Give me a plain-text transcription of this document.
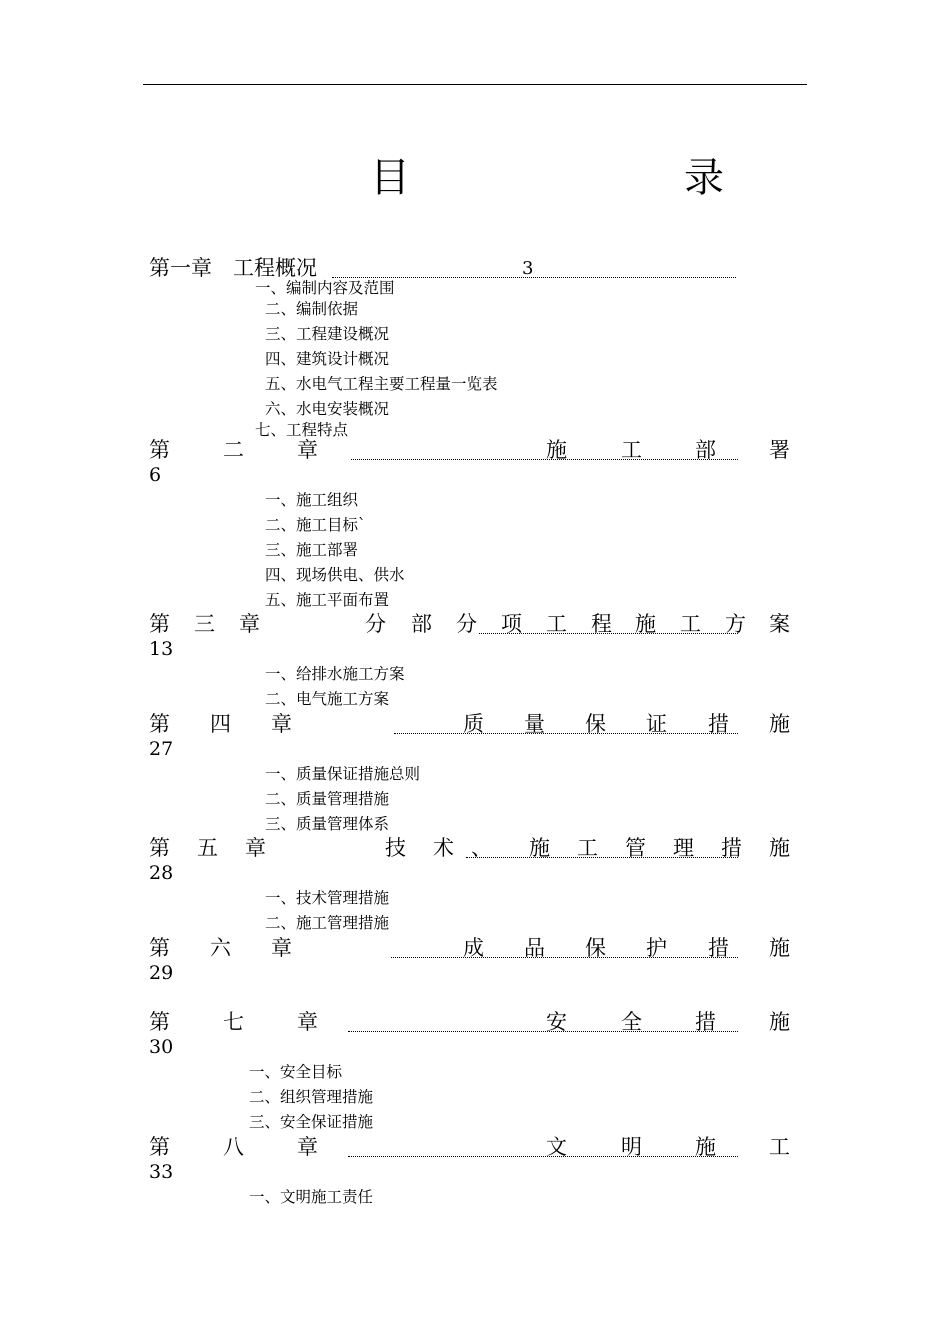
目	录
第一章 工程概况	3
一、编制内容及范围
二、编制依据
三、工程建设概况
四、建筑设计概况
五、水电气工程主要工程量一览表
六、水电安装概况
七、工程特点
第	二	章	施	工	部	署
6
一、施工组织
二、施工目标`
三、施工部署
四、现场供电、供水
五、施工平面布置
第 三 章	分 部 分 项 工 程 施 工 方 案
13
一、给排水施工方案
二、电气施工方案
第 四 章	质 量 保 证 措 施
27
一、质量保证措施总则
二、质量管理措施
三、质量管理体系
第 五 章	技 术 、 施 工 管 理 措 施
28
一、技术管理措施
二、施工管理措施
第 六 章	成 品 保 护 措 施
29
第	七	章	安	全	措	施
30
一、安全目标
二、组织管理措施
三、安全保证措施
第	八	章	文	明	施	工
33
一、文明施工责任
